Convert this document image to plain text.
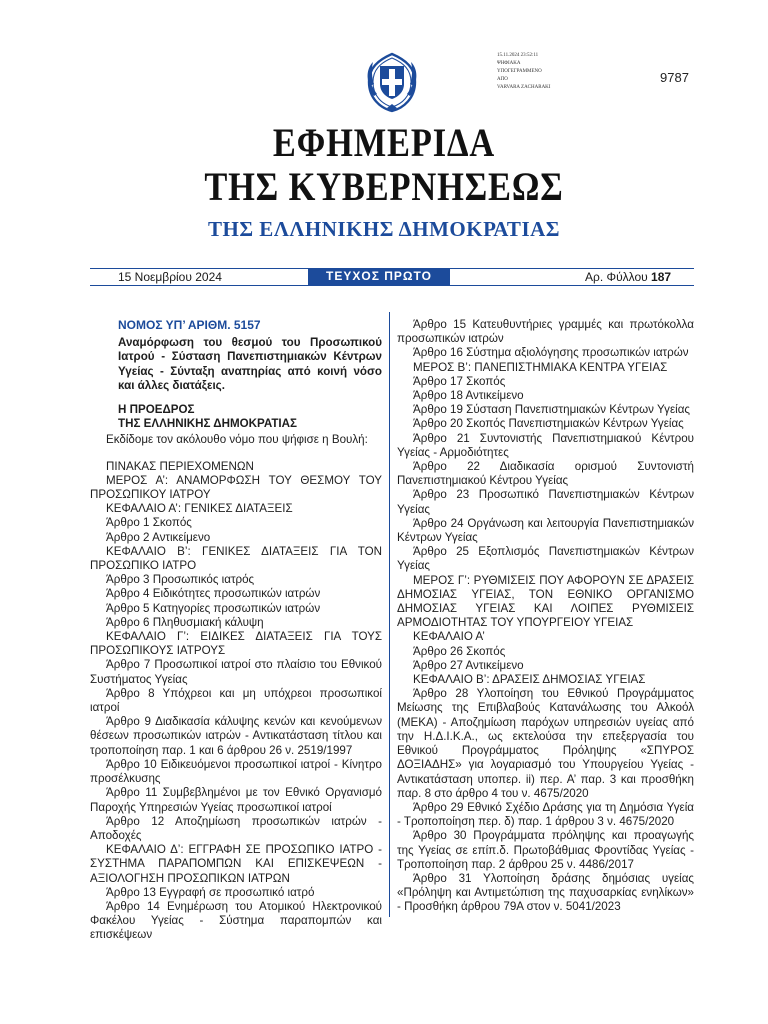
15.11.2024 23:52:11
ΨΗΦΙΑΚΑ
ΥΠΟΓΕΓΡΑΜΜΕΝΟ
ΑΠΟ
VARVARA ZACHARAKI
9787
ΕΦΗΜΕΡΙΔΑ
ΤΗΣ ΚΥΒΕΡΝΗΣΕΩΣ
ΤΗΣ ΕΛΛΗΝΙΚΗΣ ΔΗΜΟΚΡΑΤΙΑΣ
15 Νοεμβρίου 2024	ΤΕΥΧΟΣ ΠΡΩΤΟ	Αρ. Φύλλου 187

ΝΟΜΟΣ ΥΠ’ ΑΡΙΘΜ. 5157

Αναμόρφωση του θεσμού του Προσωπικού Ιατρού - Σύσταση Πανεπιστημιακών Κέντρων Υγείας - Σύνταξη αναπηρίας από κοινή νόσο και άλλες διατάξεις.

Η ΠΡΟΕΔΡΟΣ

ΤΗΣ ΕΛΛΗΝΙΚΗΣ ΔΗΜΟΚΡΑΤΙΑΣ

Εκδίδομε τον ακόλουθο νόμο που ψήφισε η Βουλή:

ΠΙΝΑΚΑΣ ΠΕΡΙΕΧΟΜΕΝΩΝ

ΜΕΡΟΣ Α’: ΑΝΑΜΟΡΦΩΣΗ ΤΟΥ ΘΕΣΜΟΥ ΤΟΥ ΠΡΟΣΩΠΙΚΟΥ ΙΑΤΡΟΥ

ΚΕΦΑΛΑΙΟ Α’: ΓΕΝΙΚΕΣ ΔΙΑΤΑΞΕΙΣ

Άρθρο 1 Σκοπός

Άρθρο 2 Αντικείμενο

ΚΕΦΑΛΑΙΟ Β’: ΓΕΝΙΚΕΣ ΔΙΑΤΑΞΕΙΣ ΓΙΑ ΤΟΝ ΠΡΟΣΩΠΙΚΟ ΙΑΤΡΟ

Άρθρο 3 Προσωπικός ιατρός

Άρθρο 4 Ειδικότητες προσωπικών ιατρών

Άρθρο 5 Κατηγορίες προσωπικών ιατρών

Άρθρο 6 Πληθυσμιακή κάλυψη

ΚΕΦΑΛΑΙΟ Γ’: ΕΙΔΙΚΕΣ ΔΙΑΤΑΞΕΙΣ ΓΙΑ ΤΟΥΣ ΠΡΟΣΩΠΙΚΟΥΣ ΙΑΤΡΟΥΣ

Άρθρο 7 Προσωπικοί ιατροί στο πλαίσιο του Εθνικού Συστήματος Υγείας

Άρθρο 8 Υπόχρεοι και μη υπόχρεοι προσωπικοί ιατροί

Άρθρο 9 Διαδικασία κάλυψης κενών και κενούμενων θέσεων προσωπικών ιατρών - Αντικατάσταση τίτλου και τροποποίηση παρ. 1 και 6 άρθρου 26 ν. 2519/1997

Άρθρο 10 Ειδικευόμενοι προσωπικοί ιατροί - Κίνητρο προσέλκυσης

Άρθρο 11 Συμβεβλημένοι με τον Εθνικό Οργανισμό Παροχής Υπηρεσιών Υγείας προσωπικοί ιατροί

Άρθρο 12 Αποζημίωση προσωπικών ιατρών - Αποδοχές

ΚΕΦΑΛΑΙΟ Δ’: ΕΓΓΡΑΦΗ ΣΕ ΠΡΟΣΩΠΙΚΟ ΙΑΤΡΟ - ΣΥΣΤΗΜΑ ΠΑΡΑΠΟΜΠΩΝ ΚΑΙ ΕΠΙΣΚΕΨΕΩΝ - ΑΞΙΟΛΟΓΗΣΗ ΠΡΟΣΩΠΙΚΩΝ ΙΑΤΡΩΝ

Άρθρο 13 Εγγραφή σε προσωπικό ιατρό

Άρθρο 14 Ενημέρωση του Ατομικού Ηλεκτρονικού Φακέλου Υγείας - Σύστημα παραπομπών και επισκέψεων

Άρθρο 15 Κατευθυντήριες γραμμές και πρωτόκολλα προσωπικών ιατρών

Άρθρο 16 Σύστημα αξιολόγησης προσωπικών ιατρών

ΜΕΡΟΣ Β’: ΠΑΝΕΠΙΣΤΗΜΙΑΚΑ ΚΕΝΤΡΑ ΥΓΕΙΑΣ

Άρθρο 17 Σκοπός

Άρθρο 18 Αντικείμενο

Άρθρο 19 Σύσταση Πανεπιστημιακών Κέντρων Υγείας

Άρθρο 20 Σκοπός Πανεπιστημιακών Κέντρων Υγείας

Άρθρο 21 Συντονιστής Πανεπιστημιακού Κέντρου Υγείας - Αρμοδιότητες

Άρθρο 22 Διαδικασία ορισμού Συντονιστή Πανεπιστημιακού Κέντρου Υγείας

Άρθρο 23 Προσωπικό Πανεπιστημιακών Κέντρων Υγείας

Άρθρο 24 Οργάνωση και λειτουργία Πανεπιστημιακών Κέντρων Υγείας

Άρθρο 25 Εξοπλισμός Πανεπιστημιακών Κέντρων Υγείας

ΜΕΡΟΣ Γ’: ΡΥΘΜΙΣΕΙΣ ΠΟΥ ΑΦΟΡΟΥΝ ΣΕ ΔΡΑΣΕΙΣ ΔΗΜΟΣΙΑΣ ΥΓΕΙΑΣ, ΤΟΝ ΕΘΝΙΚΟ ΟΡΓΑΝΙΣΜΟ ΔΗΜΟΣΙΑΣ ΥΓΕΙΑΣ ΚΑΙ ΛΟΙΠΕΣ ΡΥΘΜΙΣΕΙΣ ΑΡΜΟΔΙΟΤΗΤΑΣ ΤΟΥ ΥΠΟΥΡΓΕΙΟΥ ΥΓΕΙΑΣ

ΚΕΦΑΛΑΙΟ Α’

Άρθρο 26 Σκοπός

Άρθρο 27 Αντικείμενο

ΚΕΦΑΛΑΙΟ Β’: ΔΡΑΣΕΙΣ ΔΗΜΟΣΙΑΣ ΥΓΕΙΑΣ

Άρθρο 28 Υλοποίηση του Εθνικού Προγράμματος Μείωσης της Επιβλαβούς Κατανάλωσης του Αλκοόλ (ΜΕΚΑ) - Αποζημίωση παρόχων υπηρεσιών υγείας από την Η.Δ.Ι.Κ.Α., ως εκτελούσα την επεξεργασία του Εθνικού Προγράμματος Πρόληψης «ΣΠΥΡΟΣ ΔΟΞΙΑΔΗΣ» για λογαριασμό του Υπουργείου Υγείας - Αντικατάσταση υποπερ. ii) περ. Α’ παρ. 3 και προσθήκη παρ. 8 στο άρθρο 4 του ν. 4675/2020

Άρθρο 29 Εθνικό Σχέδιο Δράσης για τη Δημόσια Υγεία - Τροποποίηση περ. δ) παρ. 1 άρθρου 3 ν. 4675/2020

Άρθρο 30 Προγράμματα πρόληψης και προαγωγής της Υγείας σε επίπ.δ. Πρωτοβάθμιας Φροντίδας Υγείας - Τροποποίηση παρ. 2 άρθρου 25 ν. 4486/2017

Άρθρο 31 Υλοποίηση δράσης δημόσιας υγείας «Πρόληψη και Αντιμετώπιση της παχυσαρκίας ενηλίκων» - Προσθήκη άρθρου 79Α στον ν. 5041/2023
